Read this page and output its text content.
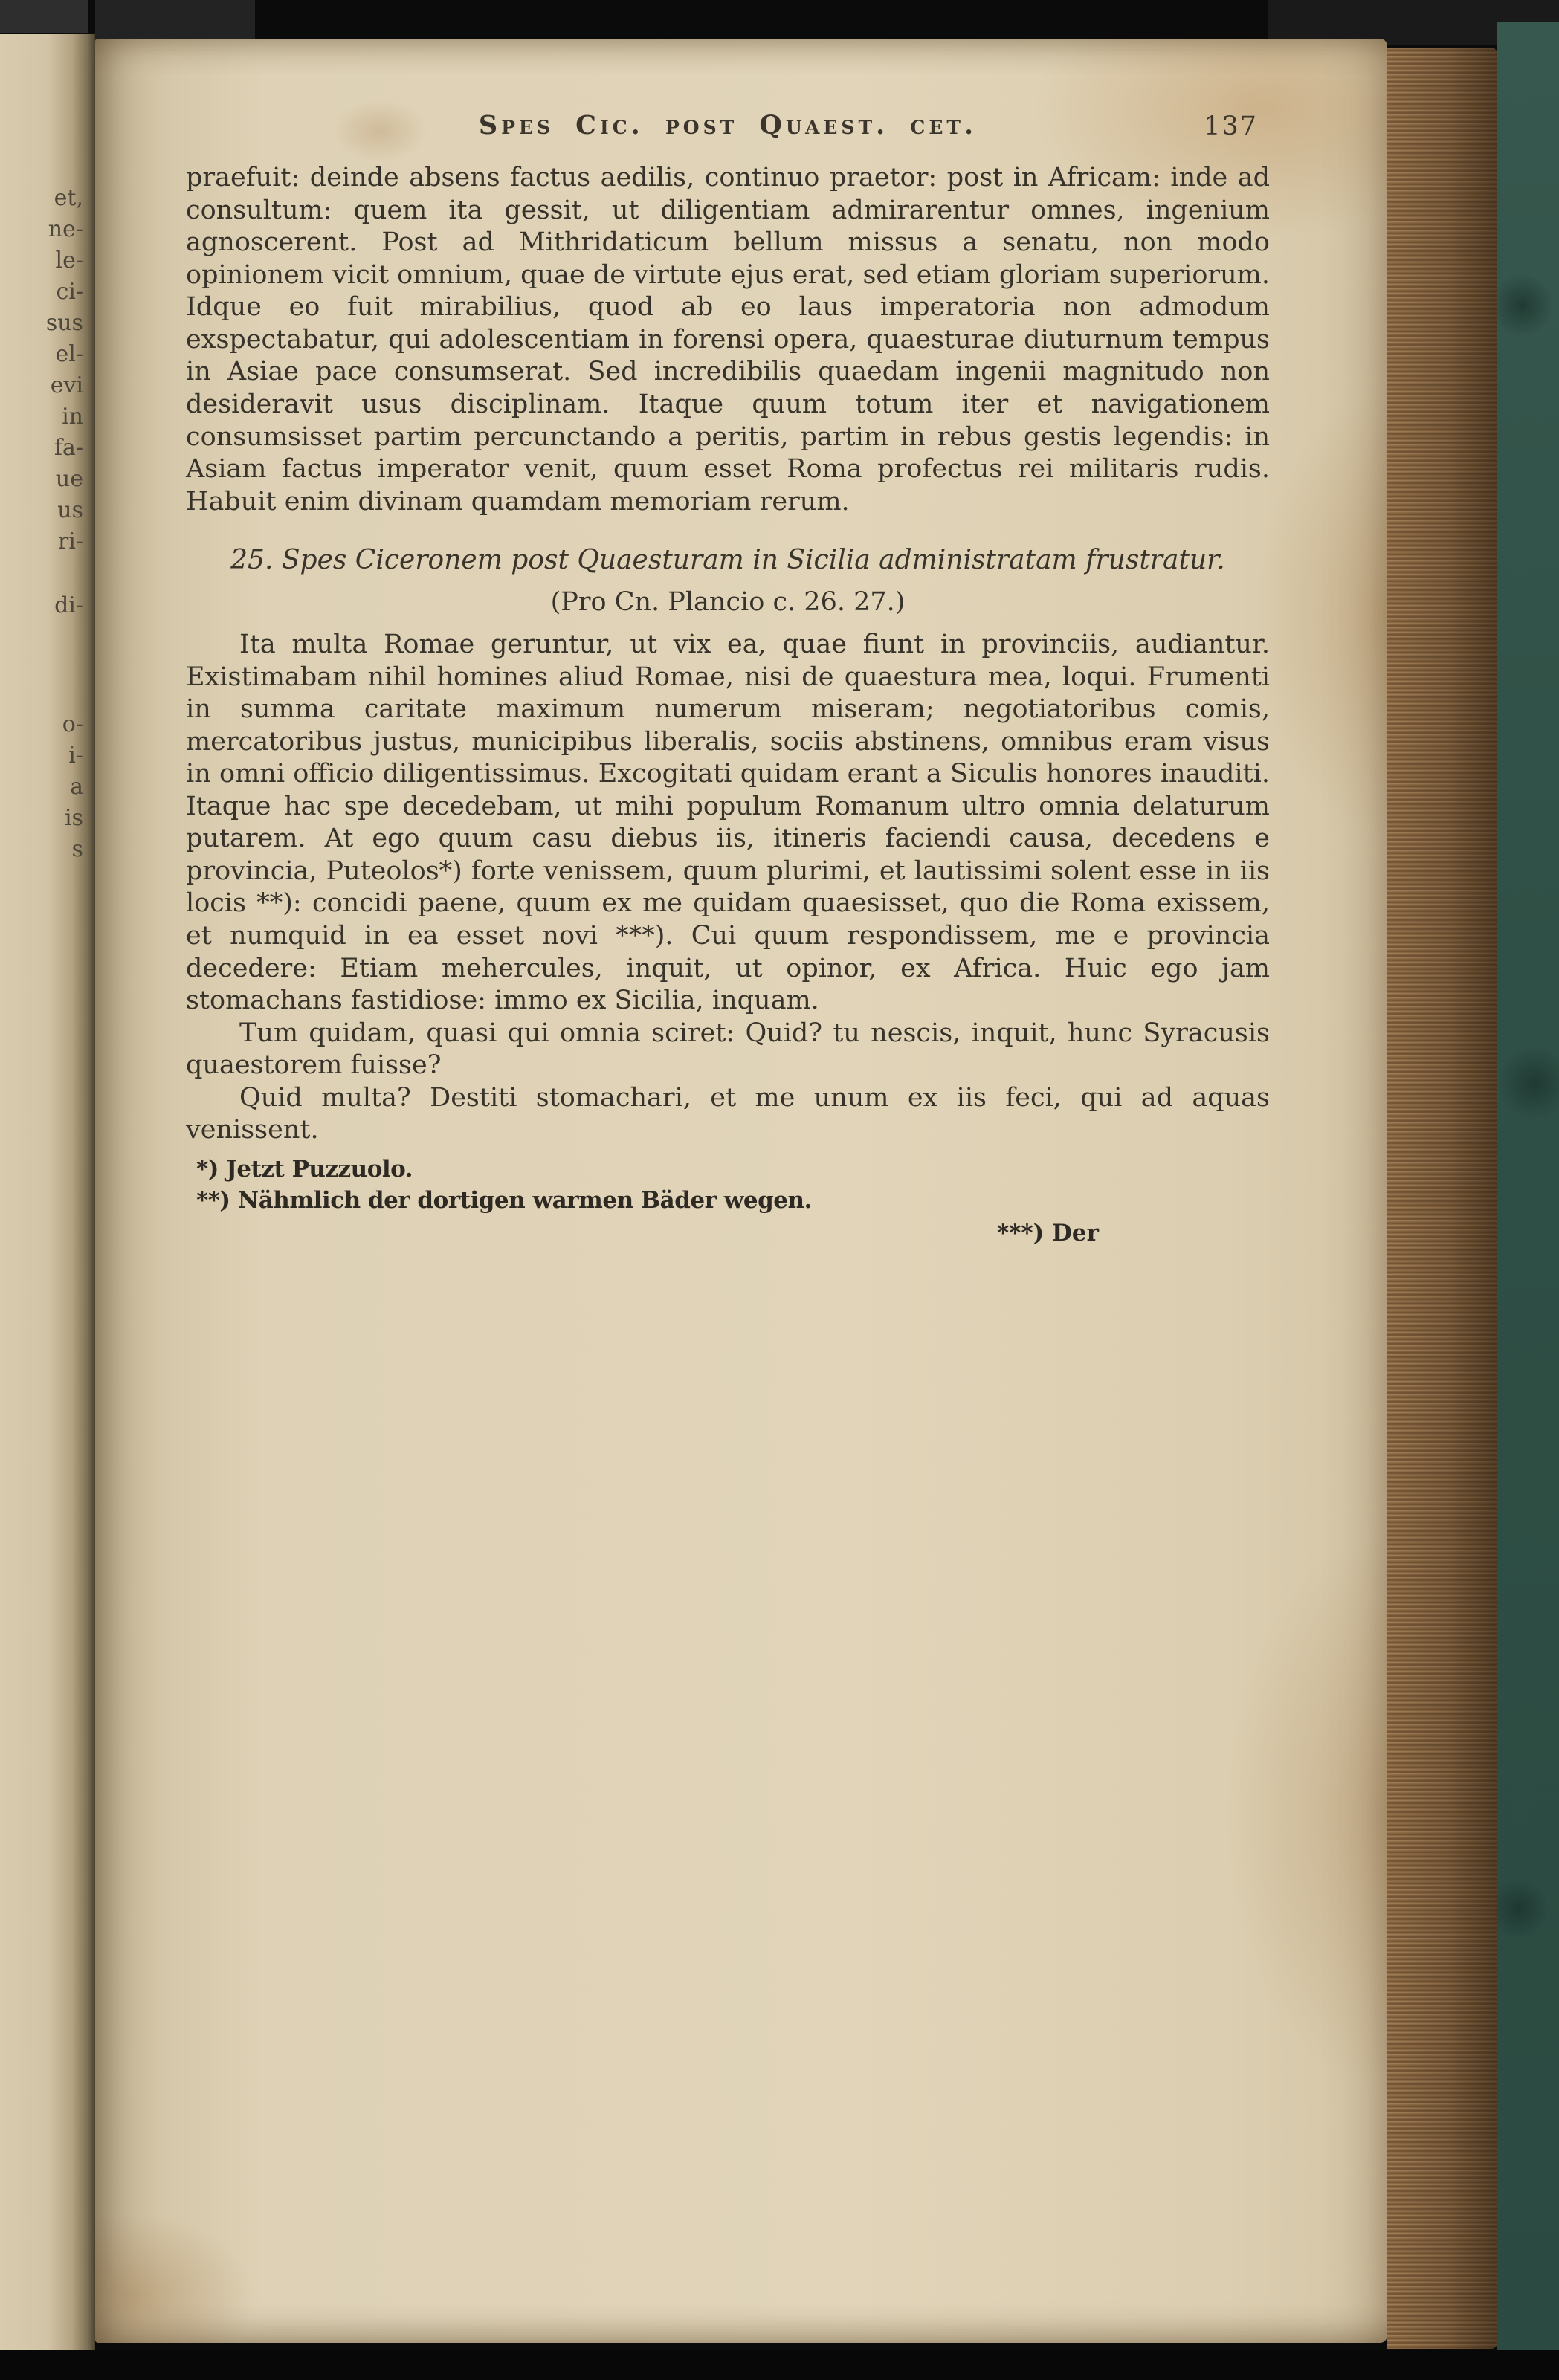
et,
ne-
le-
ci-
sus
el-
evi
in
fa-
ue
us
ri-
di-
o-
i-
a
is
s
Spes Cic. post Quaest. cet.	137

praefuit: deinde absens factus aedilis, continuo praetor: post in Africam: inde ad consultum: quem ita gessit, ut diligentiam admirarentur omnes, ingenium agnoscerent. Post ad Mithridaticum bellum missus a senatu, non modo opinionem vicit omnium, quae de virtute ejus erat, sed etiam gloriam superiorum. Idque eo fuit mirabilius, quod ab eo laus imperatoria non admodum exspectabatur, qui adolescentiam in forensi opera, quaesturae diuturnum tempus in Asiae pace consumserat. Sed incredibilis quaedam ingenii magnitudo non desideravit usus disciplinam. Itaque quum totum iter et navigationem consumsisset partim percunctando a peritis, partim in rebus gestis legendis: in Asiam factus imperator venit, quum esset Roma profectus rei militaris rudis. Habuit enim divinam quamdam memoriam rerum.

25. Spes Ciceronem post Quaesturam in Sicilia administratam frustratur.

(Pro Cn. Plancio c. 26. 27.)

Ita multa Romae geruntur, ut vix ea, quae fiunt in provinciis, audiantur. Existimabam nihil homines aliud Romae, nisi de quaestura mea, loqui. Frumenti in summa caritate maximum numerum miseram; negotiatoribus comis, mercatoribus justus, municipibus liberalis, sociis abstinens, omnibus eram visus in omni officio diligentissimus. Excogitati quidam erant a Siculis honores inauditi. Itaque hac spe decedebam, ut mihi populum Romanum ultro omnia delaturum putarem. At ego quum casu diebus iis, itineris faciendi causa, decedens e provincia, Puteolos*) forte venissem, quum plurimi, et lautissimi solent esse in iis locis **): concidi paene, quum ex me quidam quaesisset, quo die Roma exissem, et numquid in ea esset novi ***). Cui quum respondissem, me e provincia decedere: Etiam mehercules, inquit, ut opinor, ex Africa. Huic ego jam stomachans fastidiose: immo ex Sicilia, inquam.

Tum quidam, quasi qui omnia sciret: Quid? tu nescis, inquit, hunc Syracusis quaestorem fuisse?

Quid multa? Destiti stomachari, et me unum ex iis feci, qui ad aquas venissent.

*) Jetzt Puzzuolo.
**) Nähmlich der dortigen warmen Bäder wegen.
***) Der
